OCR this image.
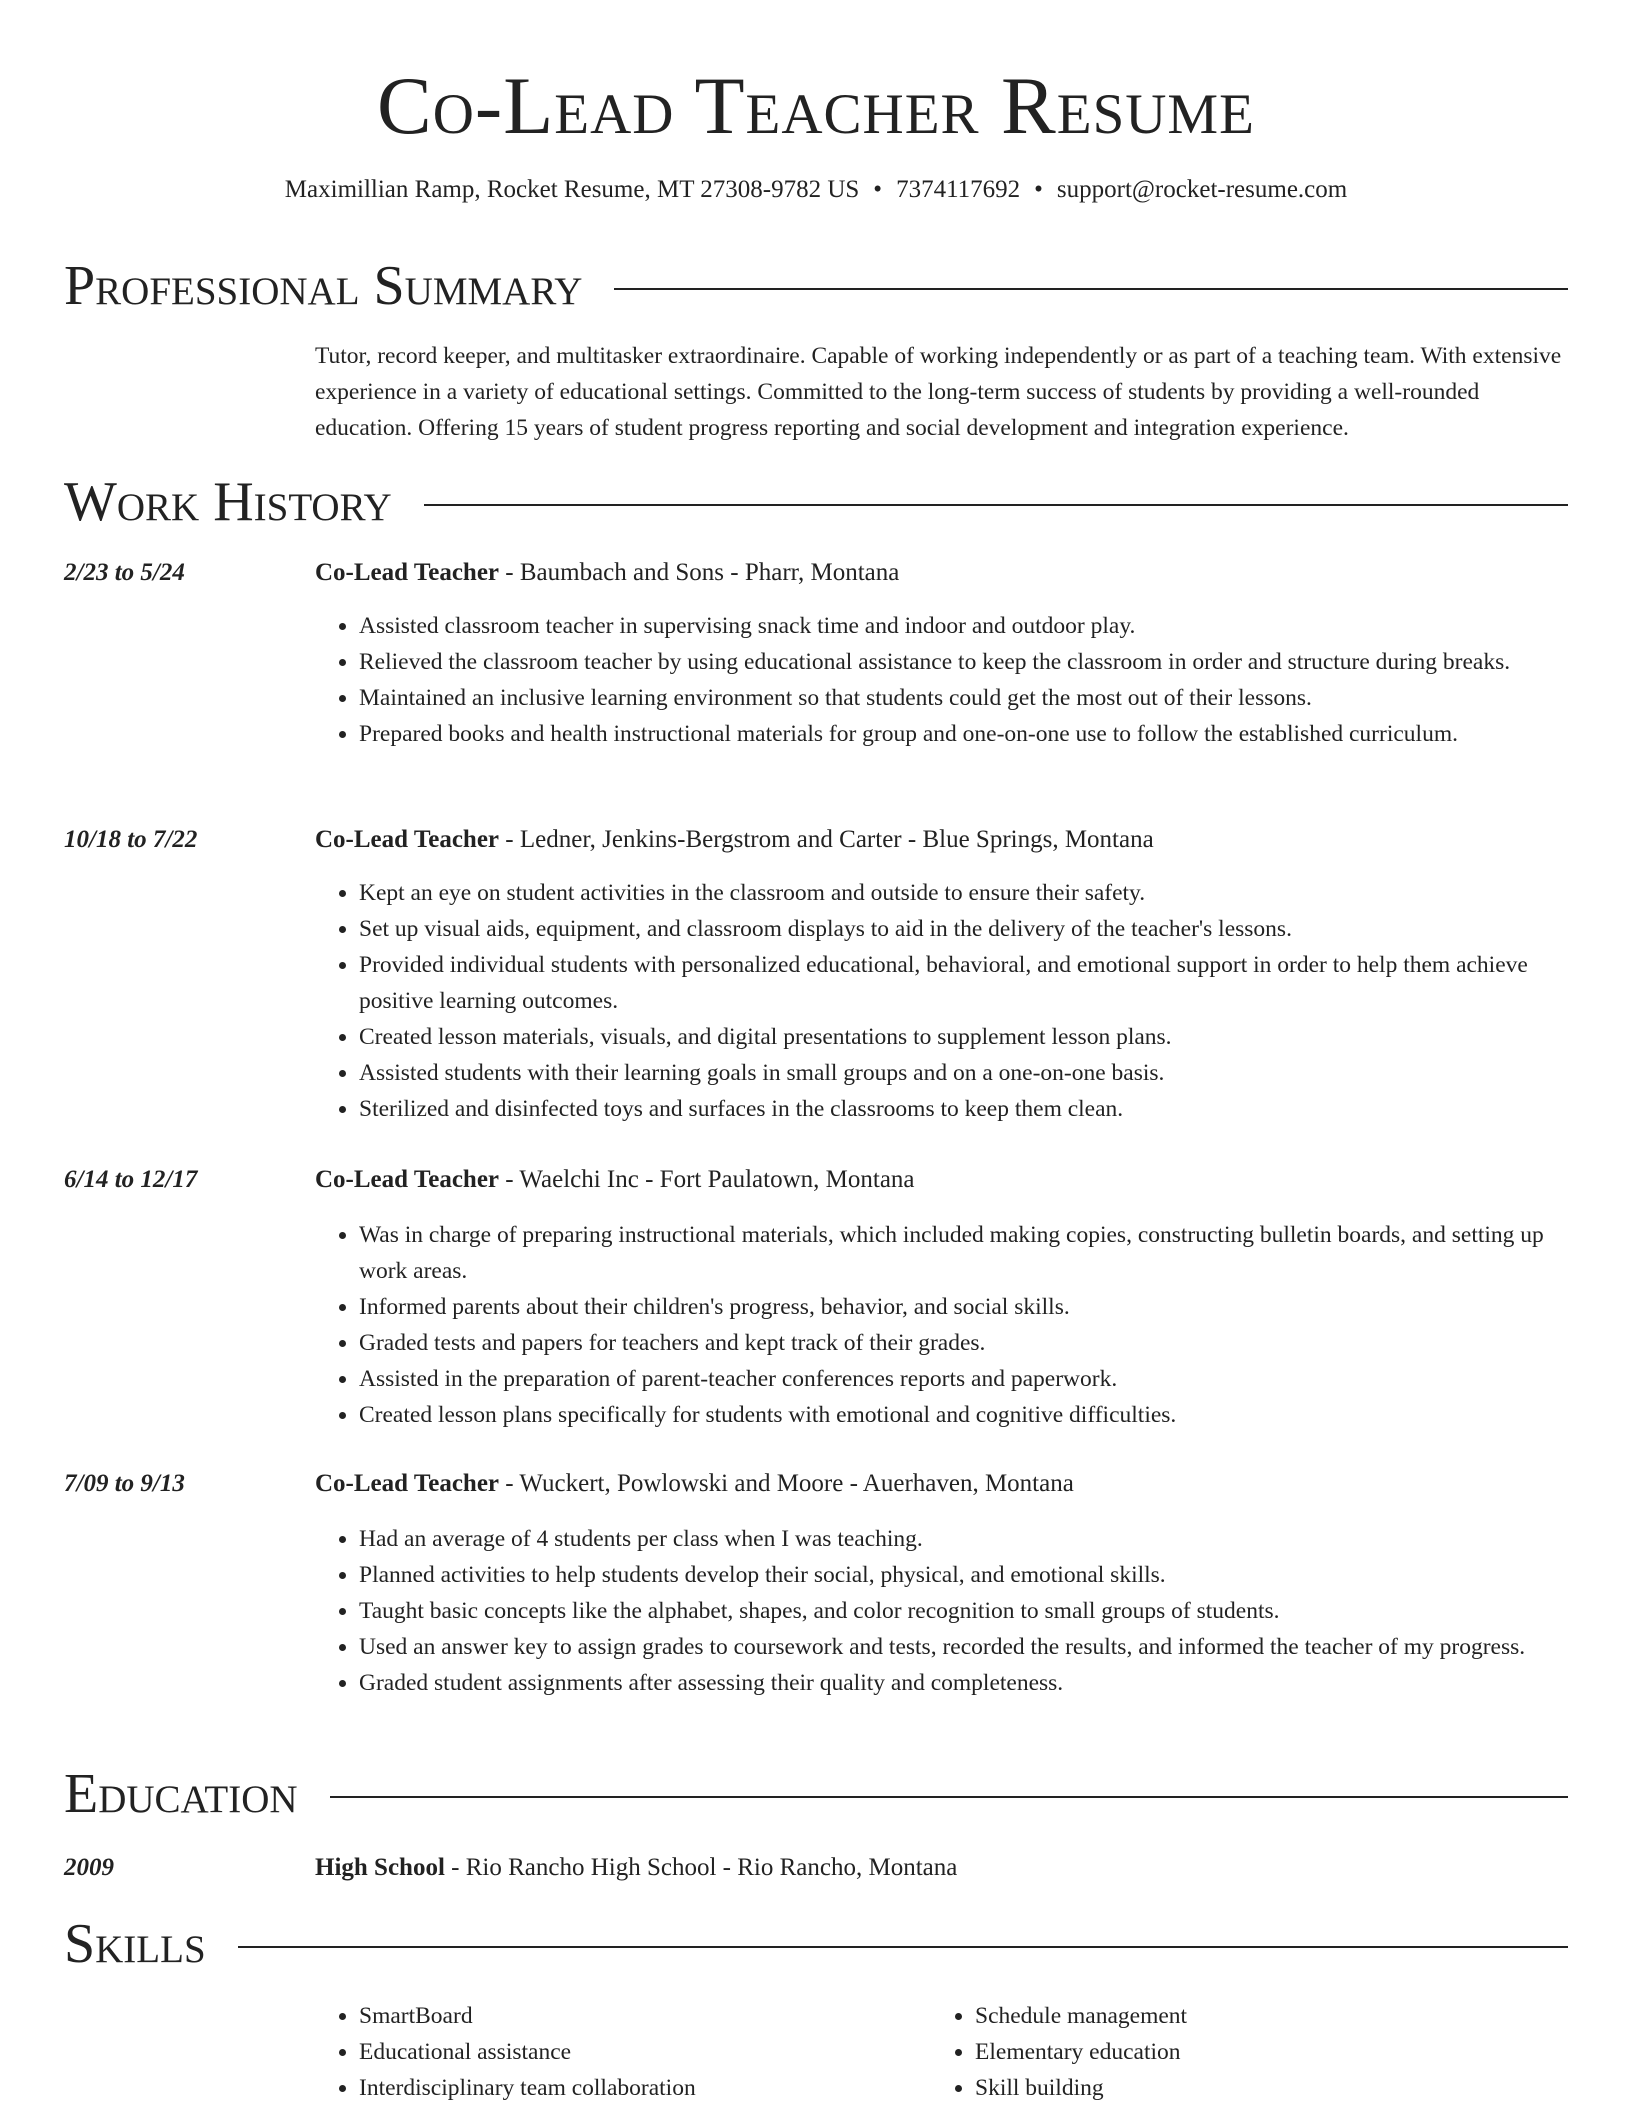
Co-Lead Teacher Resume
Maximillian Ramp, Rocket Resume, MT 27308-9782 US • 7374117692 • support@rocket-resume.com
Professional Summary
Tutor, record keeper, and multitasker extraordinaire. Capable of working independently or as part of a teaching team. With extensive experience in a variety of educational settings. Committed to the long-term success of students by providing a well-rounded education. Offering 15 years of student progress reporting and social development and integration experience.
Work History
2/23 to 5/24	Co-Lead Teacher - Baumbach and Sons - Pharr, Montana
• Assisted classroom teacher in supervising snack time and indoor and outdoor play.
• Relieved the classroom teacher by using educational assistance to keep the classroom in order and structure during breaks.
• Maintained an inclusive learning environment so that students could get the most out of their lessons.
• Prepared books and health instructional materials for group and one-on-one use to follow the established curriculum.
10/18 to 7/22	Co-Lead Teacher - Ledner, Jenkins-Bergstrom and Carter - Blue Springs, Montana
• Kept an eye on student activities in the classroom and outside to ensure their safety.
• Set up visual aids, equipment, and classroom displays to aid in the delivery of the teacher's lessons.
• Provided individual students with personalized educational, behavioral, and emotional support in order to help them achieve positive learning outcomes.
• Created lesson materials, visuals, and digital presentations to supplement lesson plans.
• Assisted students with their learning goals in small groups and on a one-on-one basis.
• Sterilized and disinfected toys and surfaces in the classrooms to keep them clean.
6/14 to 12/17	Co-Lead Teacher - Waelchi Inc - Fort Paulatown, Montana
• Was in charge of preparing instructional materials, which included making copies, constructing bulletin boards, and setting up work areas.
• Informed parents about their children's progress, behavior, and social skills.
• Graded tests and papers for teachers and kept track of their grades.
• Assisted in the preparation of parent-teacher conferences reports and paperwork.
• Created lesson plans specifically for students with emotional and cognitive difficulties.
7/09 to 9/13	Co-Lead Teacher - Wuckert, Powlowski and Moore - Auerhaven, Montana
• Had an average of 4 students per class when I was teaching.
• Planned activities to help students develop their social, physical, and emotional skills.
• Taught basic concepts like the alphabet, shapes, and color recognition to small groups of students.
• Used an answer key to assign grades to coursework and tests, recorded the results, and informed the teacher of my progress.
• Graded student assignments after assessing their quality and completeness.
Education
2009	High School - Rio Rancho High School - Rio Rancho, Montana
Skills
• SmartBoard
• Educational assistance
• Interdisciplinary team collaboration
• Schedule management
• Elementary education
• Skill building
